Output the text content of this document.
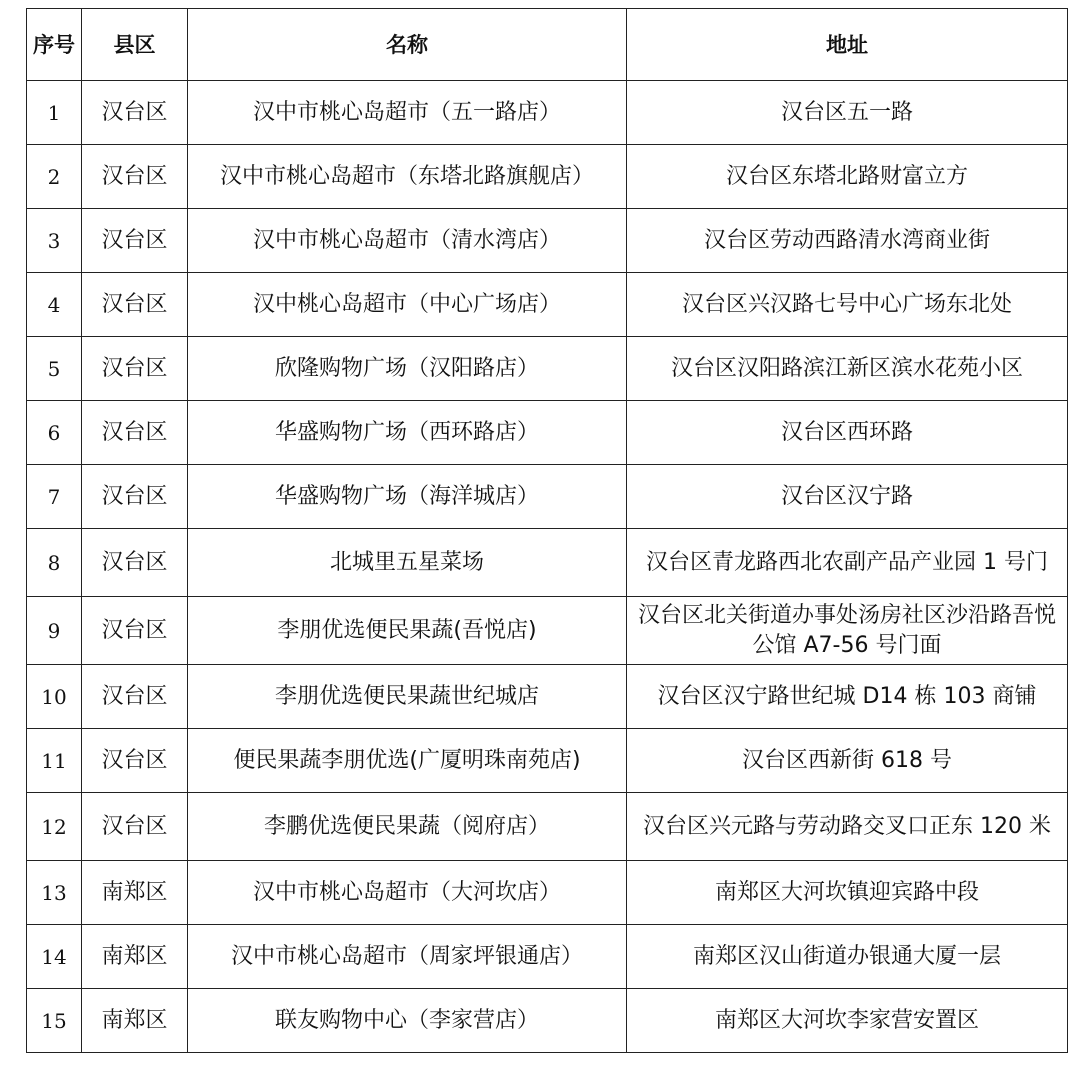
序号	县区	名称	地址
1	汉台区	汉中市桃心岛超市（五一路店）	汉台区五一路
2	汉台区	汉中市桃心岛超市（东塔北路旗舰店）	汉台区东塔北路财富立方
3	汉台区	汉中市桃心岛超市（清水湾店）	汉台区劳动西路清水湾商业街
4	汉台区	汉中桃心岛超市（中心广场店）	汉台区兴汉路七号中心广场东北处
5	汉台区	欣隆购物广场（汉阳路店）	汉台区汉阳路滨江新区滨水花苑小区
6	汉台区	华盛购物广场（西环路店）	汉台区西环路
7	汉台区	华盛购物广场（海洋城店）	汉台区汉宁路
8	汉台区	北城里五星菜场	汉台区青龙路西北农副产品产业园 1 号门
9	汉台区	李朋优选便民果蔬(吾悦店)	汉台区北关街道办事处汤房社区沙沿路吾悦公馆 A7-56 号门面
10	汉台区	李朋优选便民果蔬世纪城店	汉台区汉宁路世纪城 D14 栋 103 商铺
11	汉台区	便民果蔬李朋优选(广厦明珠南苑店)	汉台区西新街 618 号
12	汉台区	李鹏优选便民果蔬（阅府店）	汉台区兴元路与劳动路交叉口正东 120 米
13	南郑区	汉中市桃心岛超市（大河坎店）	南郑区大河坎镇迎宾路中段
14	南郑区	汉中市桃心岛超市（周家坪银通店）	南郑区汉山街道办银通大厦一层
15	南郑区	联友购物中心（李家营店）	南郑区大河坎李家营安置区
